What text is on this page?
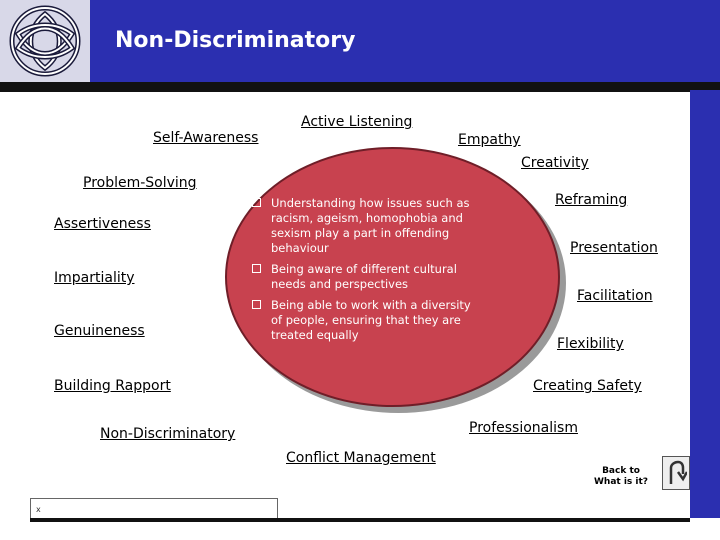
Non-Discriminatory
Understanding how issues such as racism, ageism, homophobia and sexism play a part in offending behaviour
Being aware of different cultural needs and perspectives
Being able to work with a diversity of people, ensuring that they are treated equally
Active Listening
Self-Awareness	Empathy
Creativity
Problem-Solving
Reframing
Assertiveness
Presentation
Impartiality
Facilitation
Genuineness
Flexibility
Building Rapport	Creating Safety
Professionalism
Non-Discriminatory
Conflict Management
Back to What is it?
x
